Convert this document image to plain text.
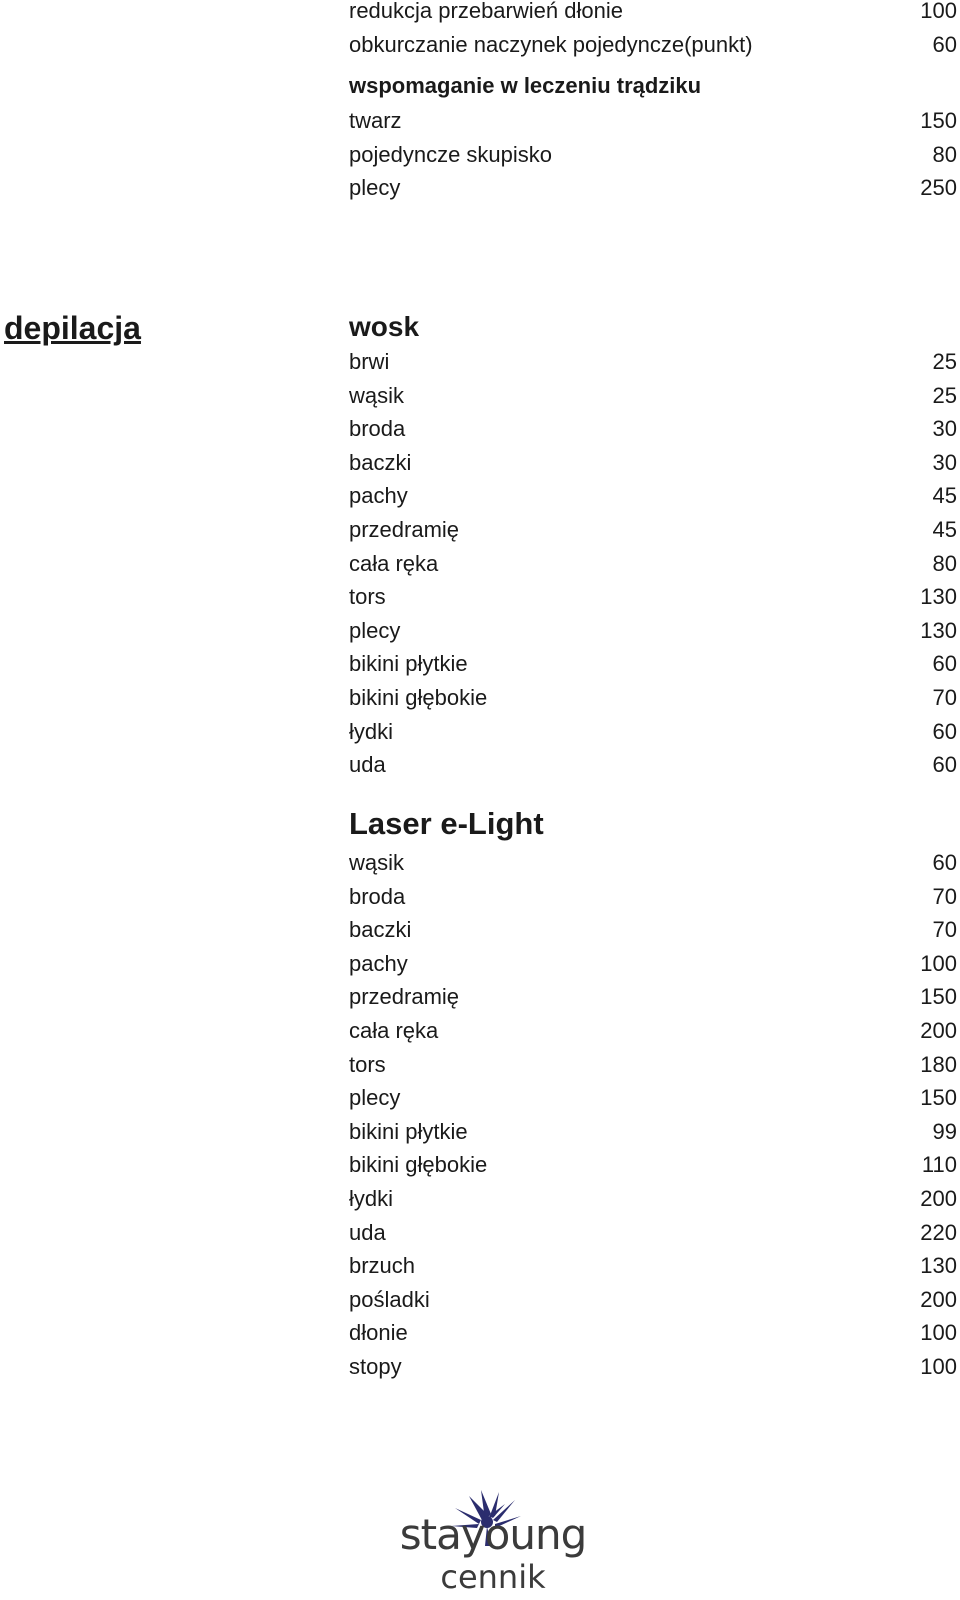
redukcja przebarwień dłonie	100
obkurczanie naczynek pojedyncze(punkt)	60
wspomaganie w leczeniu trądziku
twarz	150
pojedyncze skupisko	80
plecy	250
depilacja	wosk
brwi	25
wąsik	25
broda	30
baczki	30
pachy	45
przedramię	45
cała ręka	80
tors	130
plecy	130
bikini płytkie	60
bikini głębokie	70
łydki	60
uda	60
Laser e-Light
wąsik	60
broda	70
baczki	70
pachy	100
przedramię	150
cała ręka	200
tors	180
plecy	150
bikini płytkie	99
bikini głębokie	110
łydki	200
uda	220
brzuch	130
pośladki	200
dłonie	100
stopy	100
stayoung
cennik
